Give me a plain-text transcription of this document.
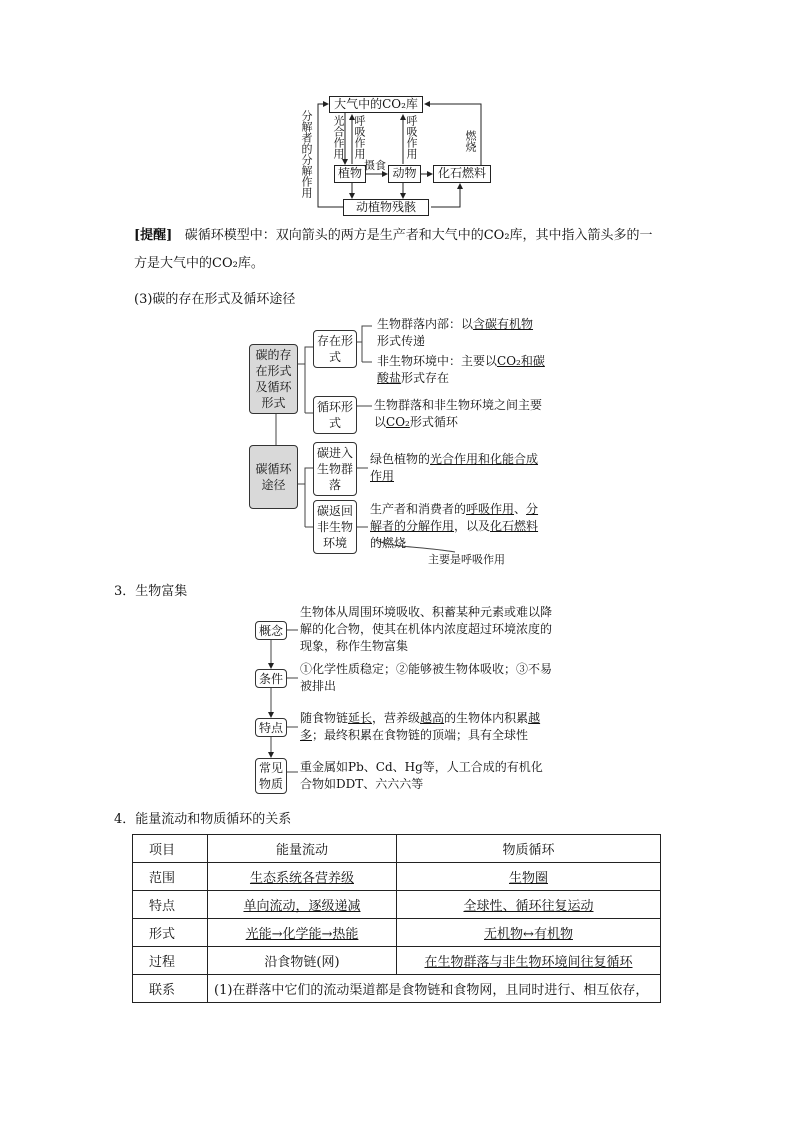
大气中的CO₂库
植物	动物	化石燃料
动植物残骸
分解者的分解作用 光合作用 呼吸作用	呼吸作用	燃烧
摄食
[提醒] 碳循环模型中：双向箭头的两方是生产者和大气中的CO₂库，其中指入箭头多的一
方是大气中的CO₂库。
(3)碳的存在形式及循环途径
碳的存在形式及循环形式
碳循环途径
存在形式
循环形式
碳进入生物群落
碳返回非生物环境
生物群落内部：以含碳有机物
形式传递
非生物环境中：主要以CO₂和碳
酸盐形式存在
生物群落和非生物环境之间主要
以CO₂形式循环
绿色植物的光合作用和化能合成
作用
生产者和消费者的呼吸作用、分
解者的分解作用，以及化石燃料
的燃烧
主要是呼吸作用
3．生物富集
概念
条件
特点
常见物质
生物体从周围环境吸收、积蓄某种元素或难以降解的化合物，使其在机体内浓度超过环境浓度的现象，称作生物富集
①化学性质稳定；②能够被生物体吸收；③不易被排出
随食物链延长，营养级越高的生物体内积累越多；最终积累在食物链的顶端；具有全球性
重金属如Pb、Cd、Hg等，人工合成的有机化合物如DDT、六六六等
4．能量流动和物质循环的关系
项目	能量流动	物质循环
范围	生态系统各营养级	生物圈
特点	单向流动，逐级递减	全球性、循环往复运动
形式	光能→化学能→热能	无机物↔有机物
过程	沿食物链(网)	在生物群落与非生物环境间往复循环
联系	(1)在群落中它们的流动渠道都是食物链和食物网，且同时进行、相互依存，	
